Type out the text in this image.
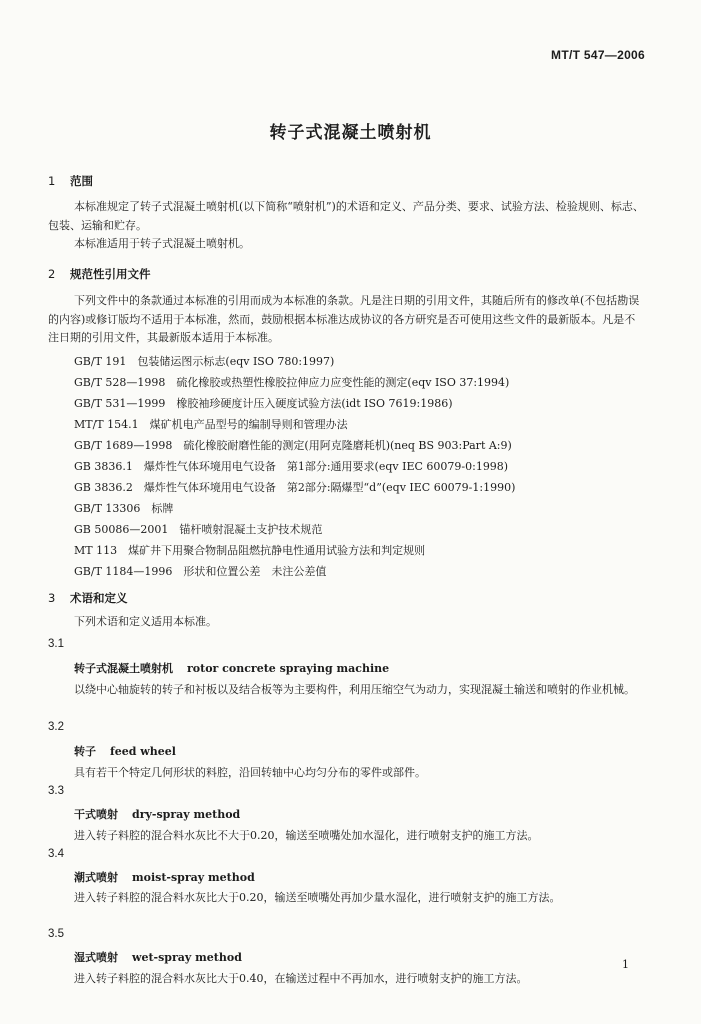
MT/T 547—2006
转子式混凝土喷射机
1 范围
本标准规定了转子式混凝土喷射机(以下简称“喷射机”)的术语和定义、产品分类、要求、试验方法、检验规则、标志、包装、运输和贮存。
本标准适用于转子式混凝土喷射机。
2 规范性引用文件
下列文件中的条款通过本标准的引用而成为本标准的条款。凡是注日期的引用文件，其随后所有的修改单(不包括勘误的内容)或修订版均不适用于本标准，然而，鼓励根据本标准达成协议的各方研究是否可使用这些文件的最新版本。凡是不注日期的引用文件，其最新版本适用于本标准。
GB/T 191　包装储运图示标志(eqv ISO 780:1997)
GB/T 528—1998　硫化橡胶或热塑性橡胶拉伸应力应变性能的测定(eqv ISO 37:1994)
GB/T 531—1999　橡胶袖珍硬度计压入硬度试验方法(idt ISO 7619:1986)
MT/T 154.1　煤矿机电产品型号的编制导则和管理办法
GB/T 1689—1998　硫化橡胶耐磨性能的测定(用阿克隆磨耗机)(neq BS 903:Part A:9)
GB 3836.1　爆炸性气体环境用电气设备　第1部分:通用要求(eqv IEC 60079-0:1998)
GB 3836.2　爆炸性气体环境用电气设备　第2部分:隔爆型“d”(eqv IEC 60079-1:1990)
GB/T 13306　标牌
GB 50086—2001　锚杆喷射混凝土支护技术规范
MT 113　煤矿井下用聚合物制品阻燃抗静电性通用试验方法和判定规则
GB/T 1184—1996　形状和位置公差　未注公差值
3 术语和定义
下列术语和定义适用本标准。
3.1
转子式混凝土喷射机 rotor concrete spraying machine
以绕中心轴旋转的转子和衬板以及结合板等为主要构件，利用压缩空气为动力，实现混凝土输送和喷射的作业机械。
3.2
转子 feed wheel
具有若干个特定几何形状的料腔，沿回转轴中心均匀分布的零件或部件。
3.3
干式喷射 dry-spray method
进入转子料腔的混合料水灰比不大于0.20，输送至喷嘴处加水湿化，进行喷射支护的施工方法。
3.4
潮式喷射 moist-spray method
进入转子料腔的混合料水灰比大于0.20，输送至喷嘴处再加少量水湿化，进行喷射支护的施工方法。
3.5
湿式喷射 wet-spray method
进入转子料腔的混合料水灰比大于0.40，在输送过程中不再加水，进行喷射支护的施工方法。
1
